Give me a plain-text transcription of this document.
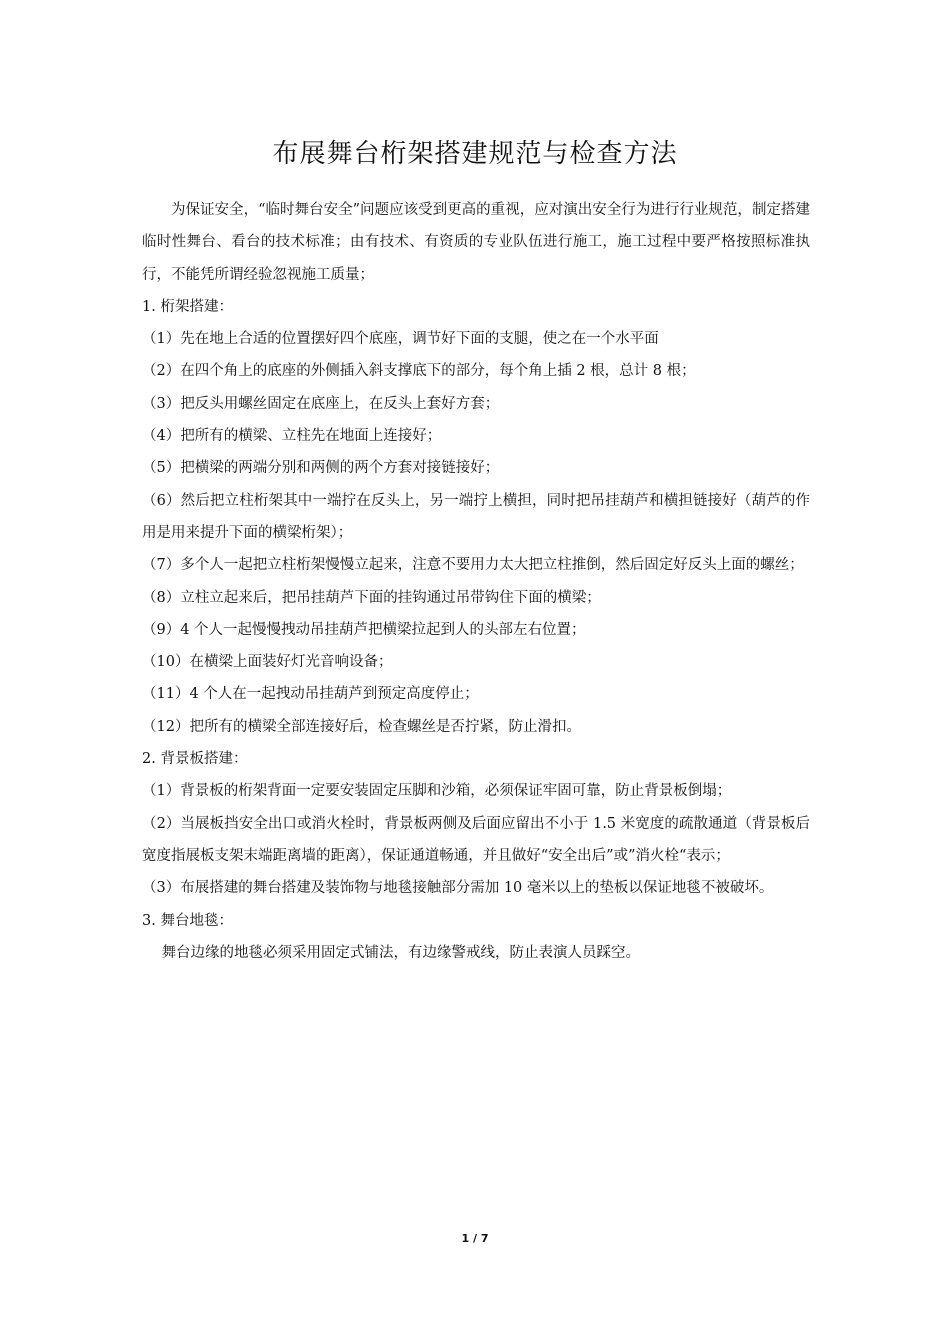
布展舞台桁架搭建规范与检查方法

为保证安全，“临时舞台安全”问题应该受到更高的重视，应对演出安全行为进行行业规范，制定搭建临时性舞台、看台的技术标准；由有技术、有资质的专业队伍进行施工，施工过程中要严格按照标准执行，不能凭所谓经验忽视施工质量；

1. 桁架搭建：

（1）先在地上合适的位置摆好四个底座，调节好下面的支腿，使之在一个水平面

（2）在四个角上的底座的外侧插入斜支撑底下的部分，每个角上插 2 根，总计 8 根；

（3）把反头用螺丝固定在底座上，在反头上套好方套；

（4）把所有的横梁、立柱先在地面上连接好；

（5）把横梁的两端分别和两侧的两个方套对接链接好；

（6）然后把立柱桁架其中一端拧在反头上，另一端拧上横担，同时把吊挂葫芦和横担链接好（葫芦的作用是用来提升下面的横梁桁架）；

（7）多个人一起把立柱桁架慢慢立起来，注意不要用力太大把立柱推倒，然后固定好反头上面的螺丝；

（8）立柱立起来后，把吊挂葫芦下面的挂钩通过吊带钩住下面的横梁；

（9）4 个人一起慢慢拽动吊挂葫芦把横梁拉起到人的头部左右位置；

（10）在横梁上面装好灯光音响设备；

（11）4 个人在一起拽动吊挂葫芦到预定高度停止；

（12）把所有的横梁全部连接好后，检查螺丝是否拧紧，防止滑扣。

2. 背景板搭建：

（1）背景板的桁架背面一定要安装固定压脚和沙箱，必须保证牢固可靠，防止背景板倒塌；

（2）当展板挡安全出口或消火栓时，背景板两侧及后面应留出不小于 1.5 米宽度的疏散通道（背景板后宽度指展板支架末端距离墙的距离），保证通道畅通，并且做好“安全出后”或”消火栓“表示；

（3）布展搭建的舞台搭建及装饰物与地毯接触部分需加 10 毫米以上的垫板以保证地毯不被破坏。

3. 舞台地毯：

舞台边缘的地毯必须采用固定式铺法，有边缘警戒线，防止表演人员踩空。

1 / 7
